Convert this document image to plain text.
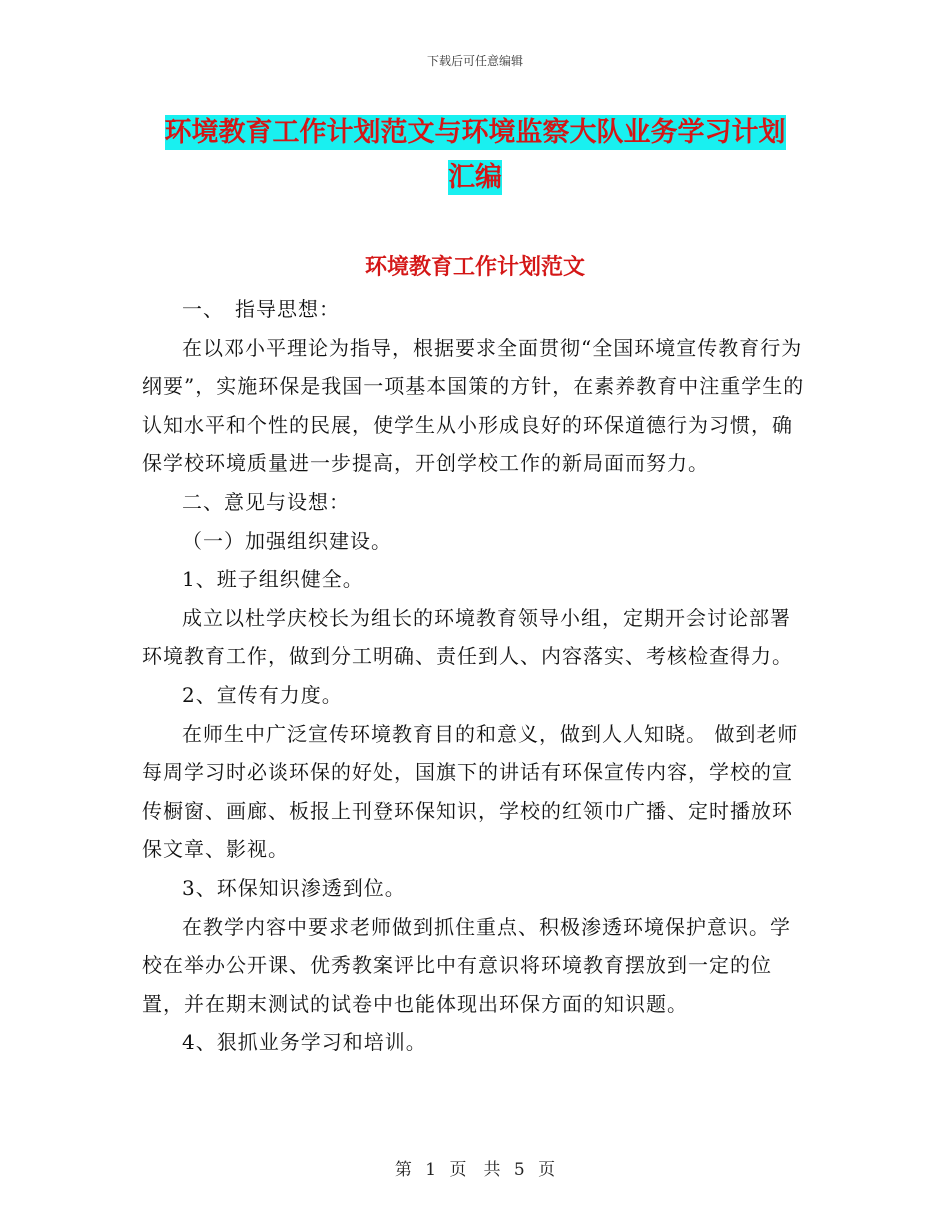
下载后可任意编辑
环境教育工作计划范文与环境监察大队业务学习计划
汇编
环境教育工作计划范文

一、　指导思想：

在以邓小平理论为指导，根据要求全面贯彻“全国环境宣传教育行为纲要”，实施环保是我国一项基本国策的方针，在素养教育中注重学生的认知水平和个性的民展，使学生从小形成良好的环保道德行为习惯，确保学校环境质量进一步提高，开创学校工作的新局面而努力。

二、意见与设想：

（一）加强组织建设。

1、班子组织健全。

成立以杜学庆校长为组长的环境教育领导小组，定期开会讨论部署环境教育工作，做到分工明确、责任到人、内容落实、考核检查得力。

2、宣传有力度。

在师生中广泛宣传环境教育目的和意义，做到人人知晓。 做到老师每周学习时必谈环保的好处，国旗下的讲话有环保宣传内容，学校的宣传橱窗、画廊、板报上刊登环保知识，学校的红领巾广播、定时播放环保文章、影视。

3、环保知识渗透到位。

在教学内容中要求老师做到抓住重点、积极渗透环境保护意识。学校在举办公开课、优秀教案评比中有意识将环境教育摆放到一定的位置，并在期末测试的试卷中也能体现出环保方面的知识题。

4、狠抓业务学习和培训。

第 1 页　共 5 页
